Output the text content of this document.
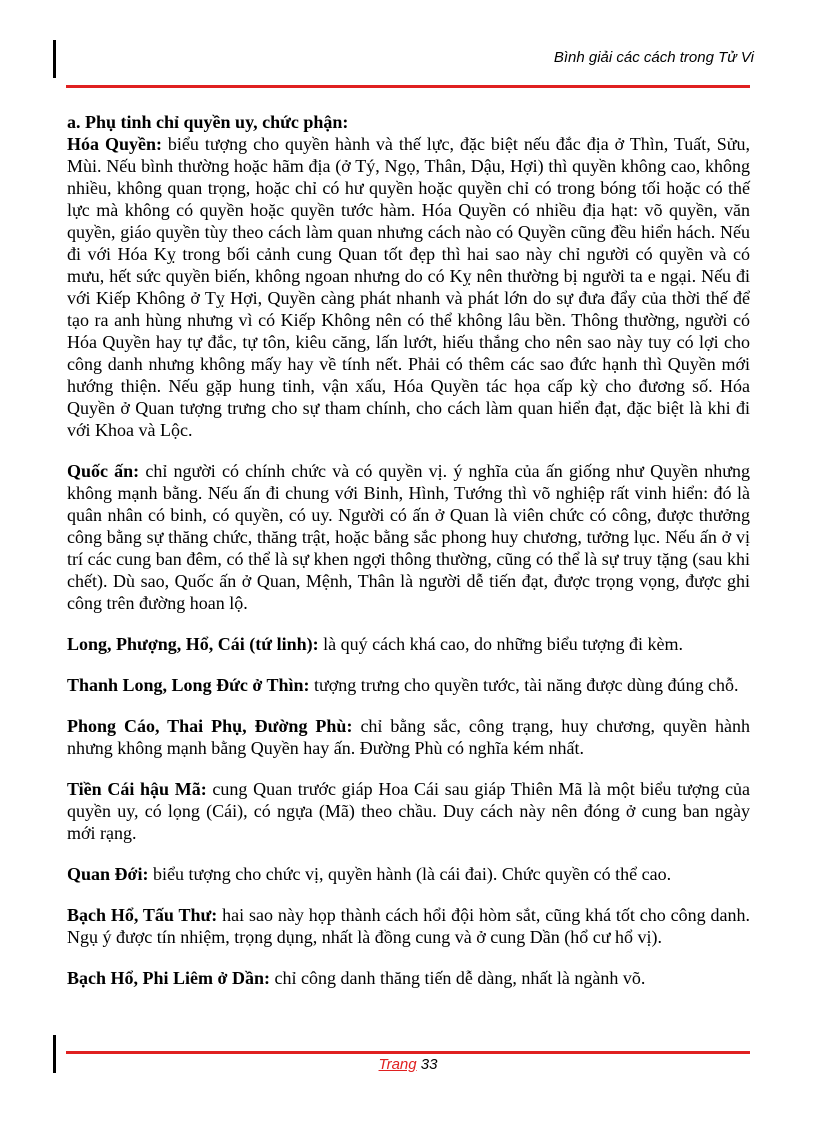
Bình giải các cách trong Tử Vi
a. Phụ tinh chỉ quyền uy, chức phận:

Hóa Quyền: biểu tượng cho quyền hành và thế lực, đặc biệt nếu đắc địa ở Thìn, Tuất, Sửu, Mùi. Nếu bình thường hoặc hãm địa (ở Tý, Ngọ, Thân, Dậu, Hợi) thì quyền không cao, không nhiều, không quan trọng, hoặc chỉ có hư quyền hoặc quyền chỉ có trong bóng tối hoặc có thế lực mà không có quyền hoặc quyền tước hàm. Hóa Quyền có nhiều địa hạt: võ quyền, văn quyền, giáo quyền tùy theo cách làm quan nhưng cách nào có Quyền cũng đều hiển hách. Nếu đi với Hóa Kỵ trong bối cảnh cung Quan tốt đẹp thì hai sao này chỉ người có quyền và có mưu, hết sức quyền biến, không ngoan nhưng do có Kỵ nên thường bị người ta e ngại. Nếu đi với Kiếp Không ở Tỵ Hợi, Quyền càng phát nhanh và phát lớn do sự đưa đẩy của thời thế để tạo ra anh hùng nhưng vì có Kiếp Không nên có thể không lâu bền. Thông thường, người có Hóa Quyền hay tự đắc, tự tôn, kiêu căng, lấn lướt, hiếu thắng cho nên sao này tuy có lợi cho công danh nhưng không mấy hay về tính nết. Phải có thêm các sao đức hạnh thì Quyền mới hướng thiện. Nếu gặp hung tinh, vận xấu, Hóa Quyền tác họa cấp kỳ cho đương số. Hóa Quyền ở Quan tượng trưng cho sự tham chính, cho cách làm quan hiển đạt, đặc biệt là khi đi với Khoa và Lộc.

Quốc ấn: chỉ người có chính chức và có quyền vị. ý nghĩa của ấn giống như Quyền nhưng không mạnh bằng. Nếu ấn đi chung với Binh, Hình, Tướng thì võ nghiệp rất vinh hiển: đó là quân nhân có binh, có quyền, có uy. Người có ấn ở Quan là viên chức có công, được thưởng công bằng sự thăng chức, thăng trật, hoặc bằng sắc phong huy chương, tưởng lục. Nếu ấn ở vị trí các cung ban đêm, có thể là sự khen ngợi thông thường, cũng có thể là sự truy tặng (sau khi chết). Dù sao, Quốc ấn ở Quan, Mệnh, Thân là người dễ tiến đạt, được trọng vọng, được ghi công trên đường hoan lộ.

Long, Phượng, Hổ, Cái (tứ linh): là quý cách khá cao, do những biểu tượng đi kèm.

Thanh Long, Long Đức ở Thìn: tượng trưng cho quyền tước, tài năng được dùng đúng chỗ.

Phong Cáo, Thai Phụ, Đường Phù: chỉ bằng sắc, công trạng, huy chương, quyền hành nhưng không mạnh bằng Quyền hay ấn. Đường Phù có nghĩa kém nhất.

Tiền Cái hậu Mã: cung Quan trước giáp Hoa Cái sau giáp Thiên Mã là một biểu tượng của quyền uy, có lọng (Cái), có ngựa (Mã) theo chầu. Duy cách này nên đóng ở cung ban ngày mới rạng.

Quan Đới: biểu tượng cho chức vị, quyền hành (là cái đai). Chức quyền có thể cao.

Bạch Hổ, Tấu Thư: hai sao này họp thành cách hổi đội hòm sắt, cũng khá tốt cho công danh. Ngụ ý được tín nhiệm, trọng dụng, nhất là đồng cung và ở cung Dần (hổ cư hổ vị).

Bạch Hổ, Phi Liêm ở Dần: chỉ công danh thăng tiến dễ dàng, nhất là ngành võ.

Trang 33
